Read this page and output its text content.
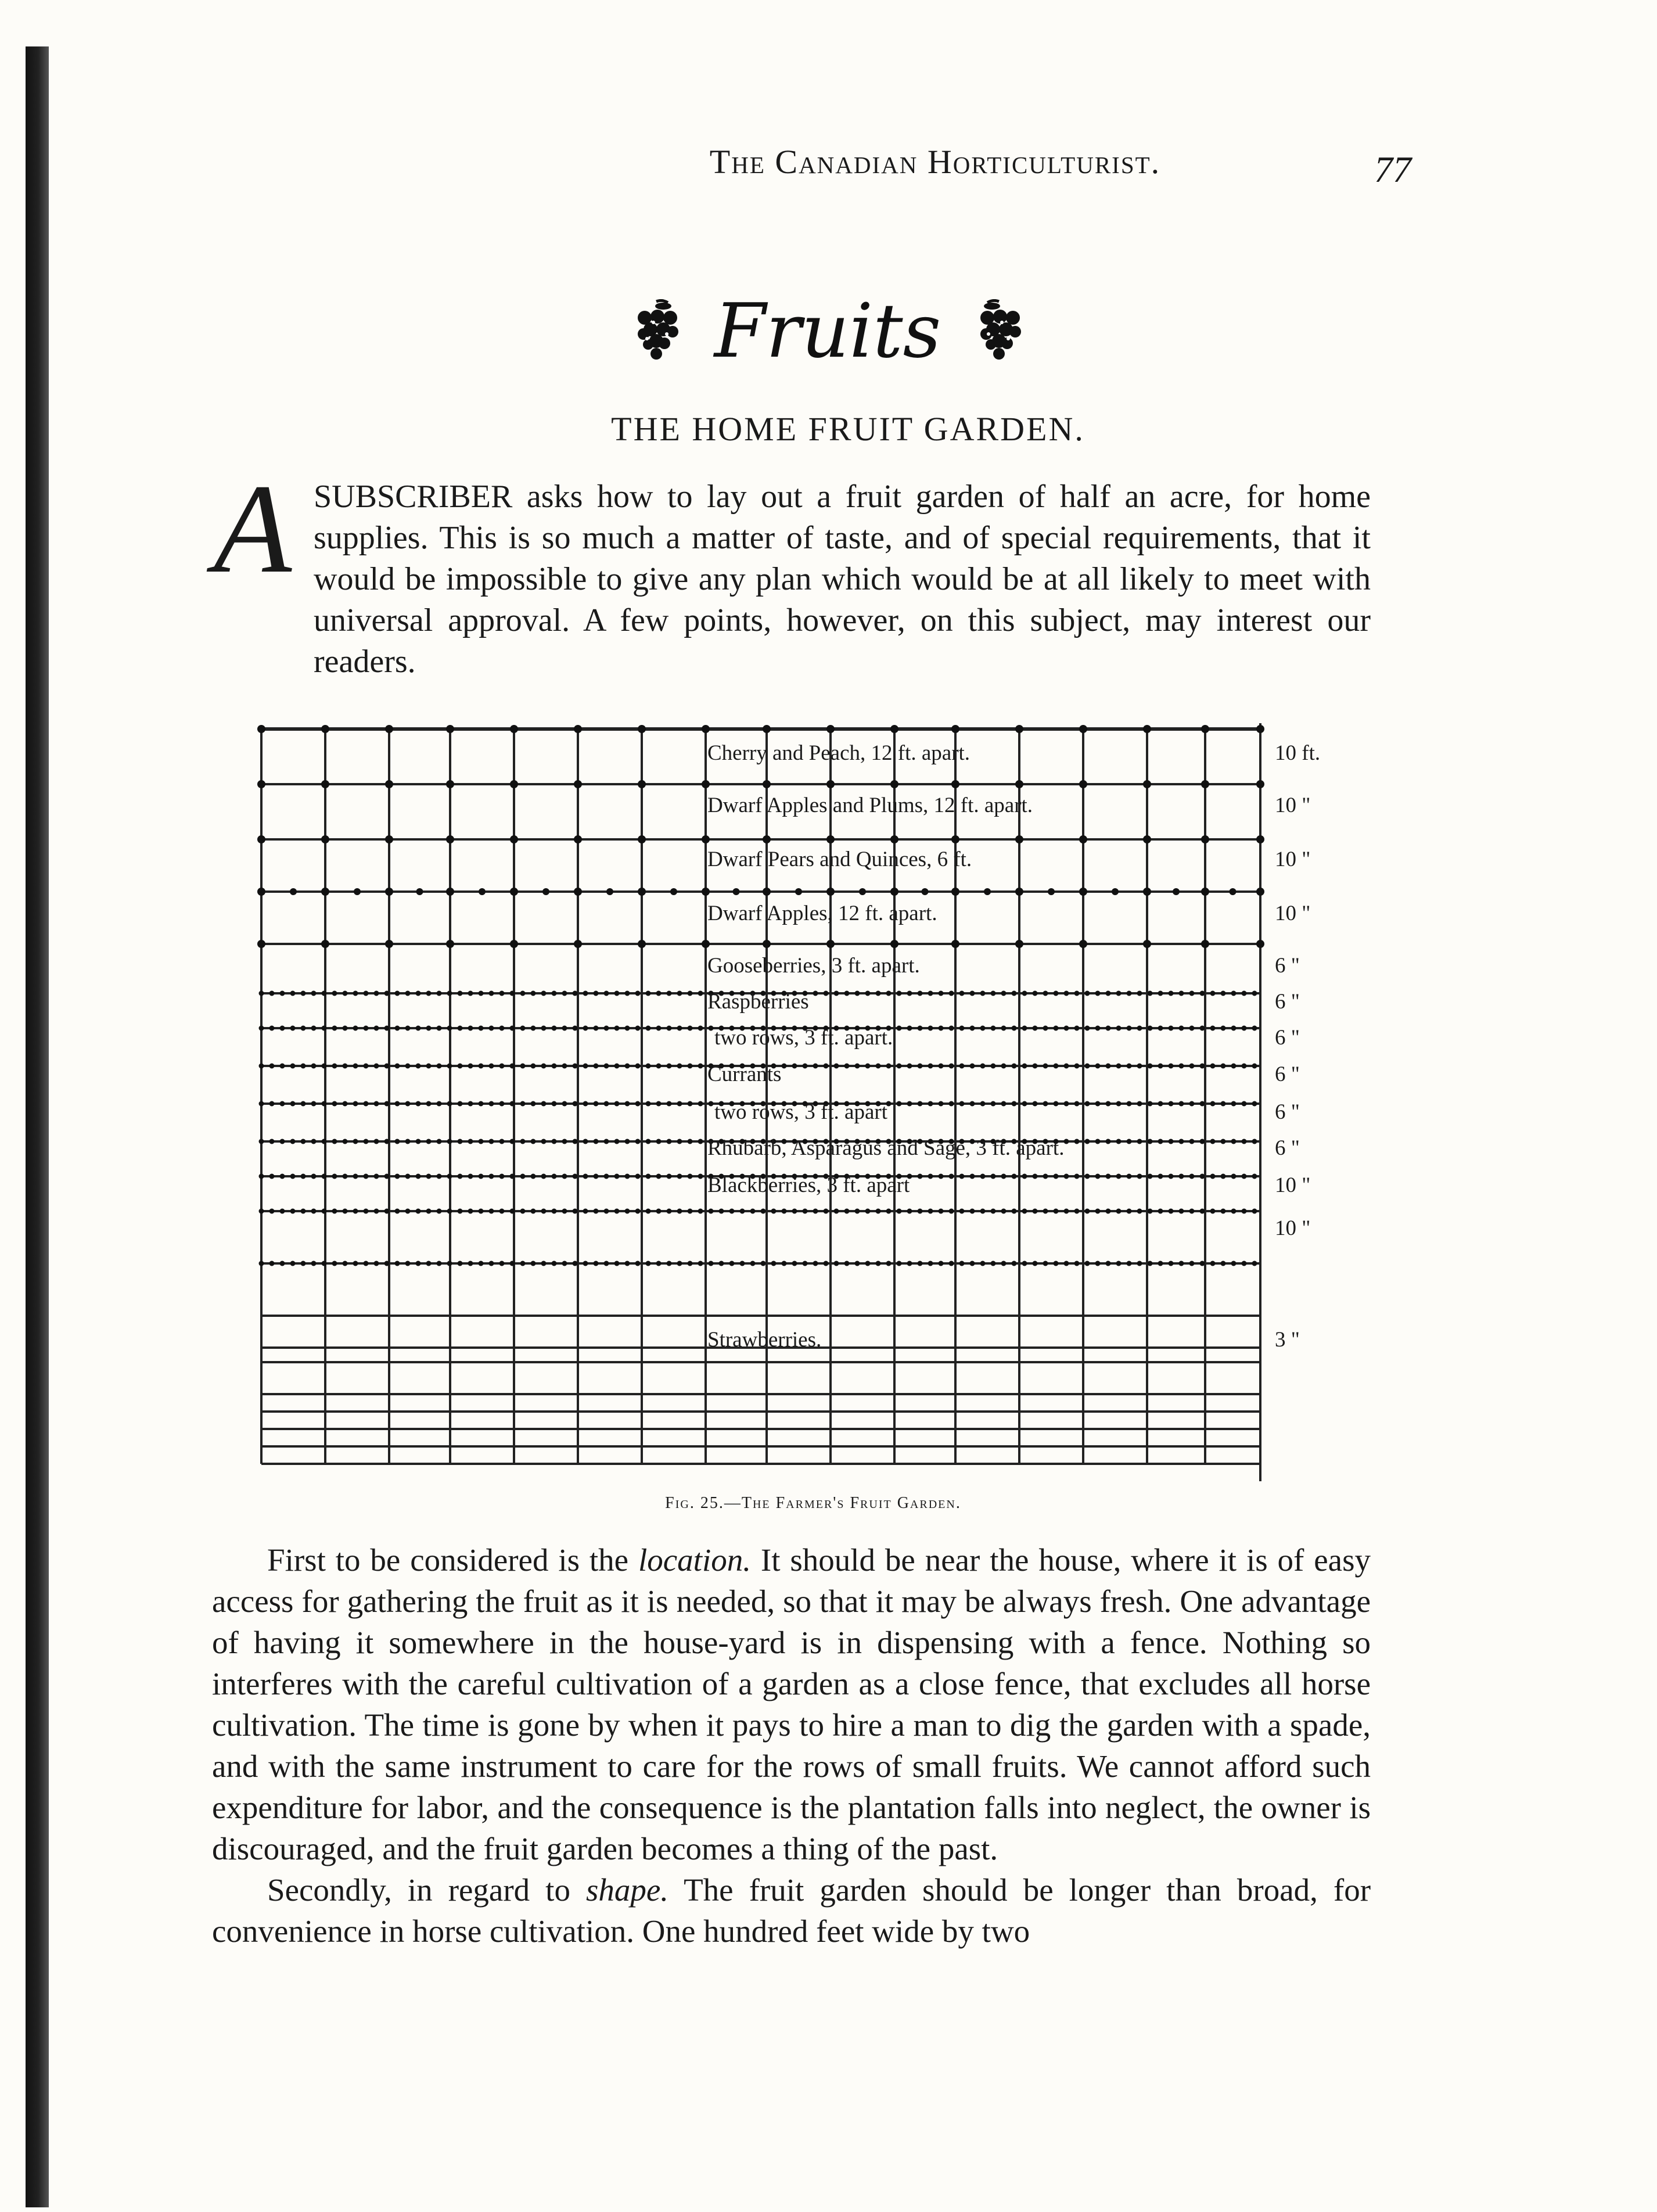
The Canadian Horticulturist.	77
Fruits
THE HOME FRUIT GARDEN.
A SUBSCRIBER asks how to lay out a fruit garden of half an acre, for home supplies. This is so much a matter of taste, and of special requirements, that it would be impossible to give any plan which would be at all likely to meet with universal approval. A few points, however, on this subject, may interest our readers.

Cherry and Peach, 12 ft. apart.	10 ft.
Dwarf Apples and Plums, 12 ft. apart.	10 "
Dwarf Pears and Quinces, 6 ft.	10 "
Dwarf Apples, 12 ft. apart.	10 "
Gooseberries, 3 ft. apart.	6 "
Raspberries	6 "
two rows, 3 ft. apart.	6 "
Currants	6 "
two rows, 3 ft. apart	6 "
Rhubarb, Asparagus and Sage, 3 ft. apart.	6 "
Blackberries, 3 ft. apart	10 "
10 "
Strawberries.	3 "
Fig. 25.—The Farmer's Fruit Garden.

First to be considered is the location. It should be near the house, where it is of easy access for gathering the fruit as it is needed, so that it may be always fresh. One advantage of having it somewhere in the house-yard is in dispensing with a fence. Nothing so interferes with the careful cultivation of a garden as a close fence, that excludes all horse cultivation. The time is gone by when it pays to hire a man to dig the garden with a spade, and with the same instrument to care for the rows of small fruits. We cannot afford such expenditure for labor, and the consequence is the plantation falls into neglect, the owner is discouraged, and the fruit garden becomes a thing of the past.

Secondly, in regard to shape. The fruit garden should be longer than broad, for convenience in horse cultivation. One hundred feet wide by two
